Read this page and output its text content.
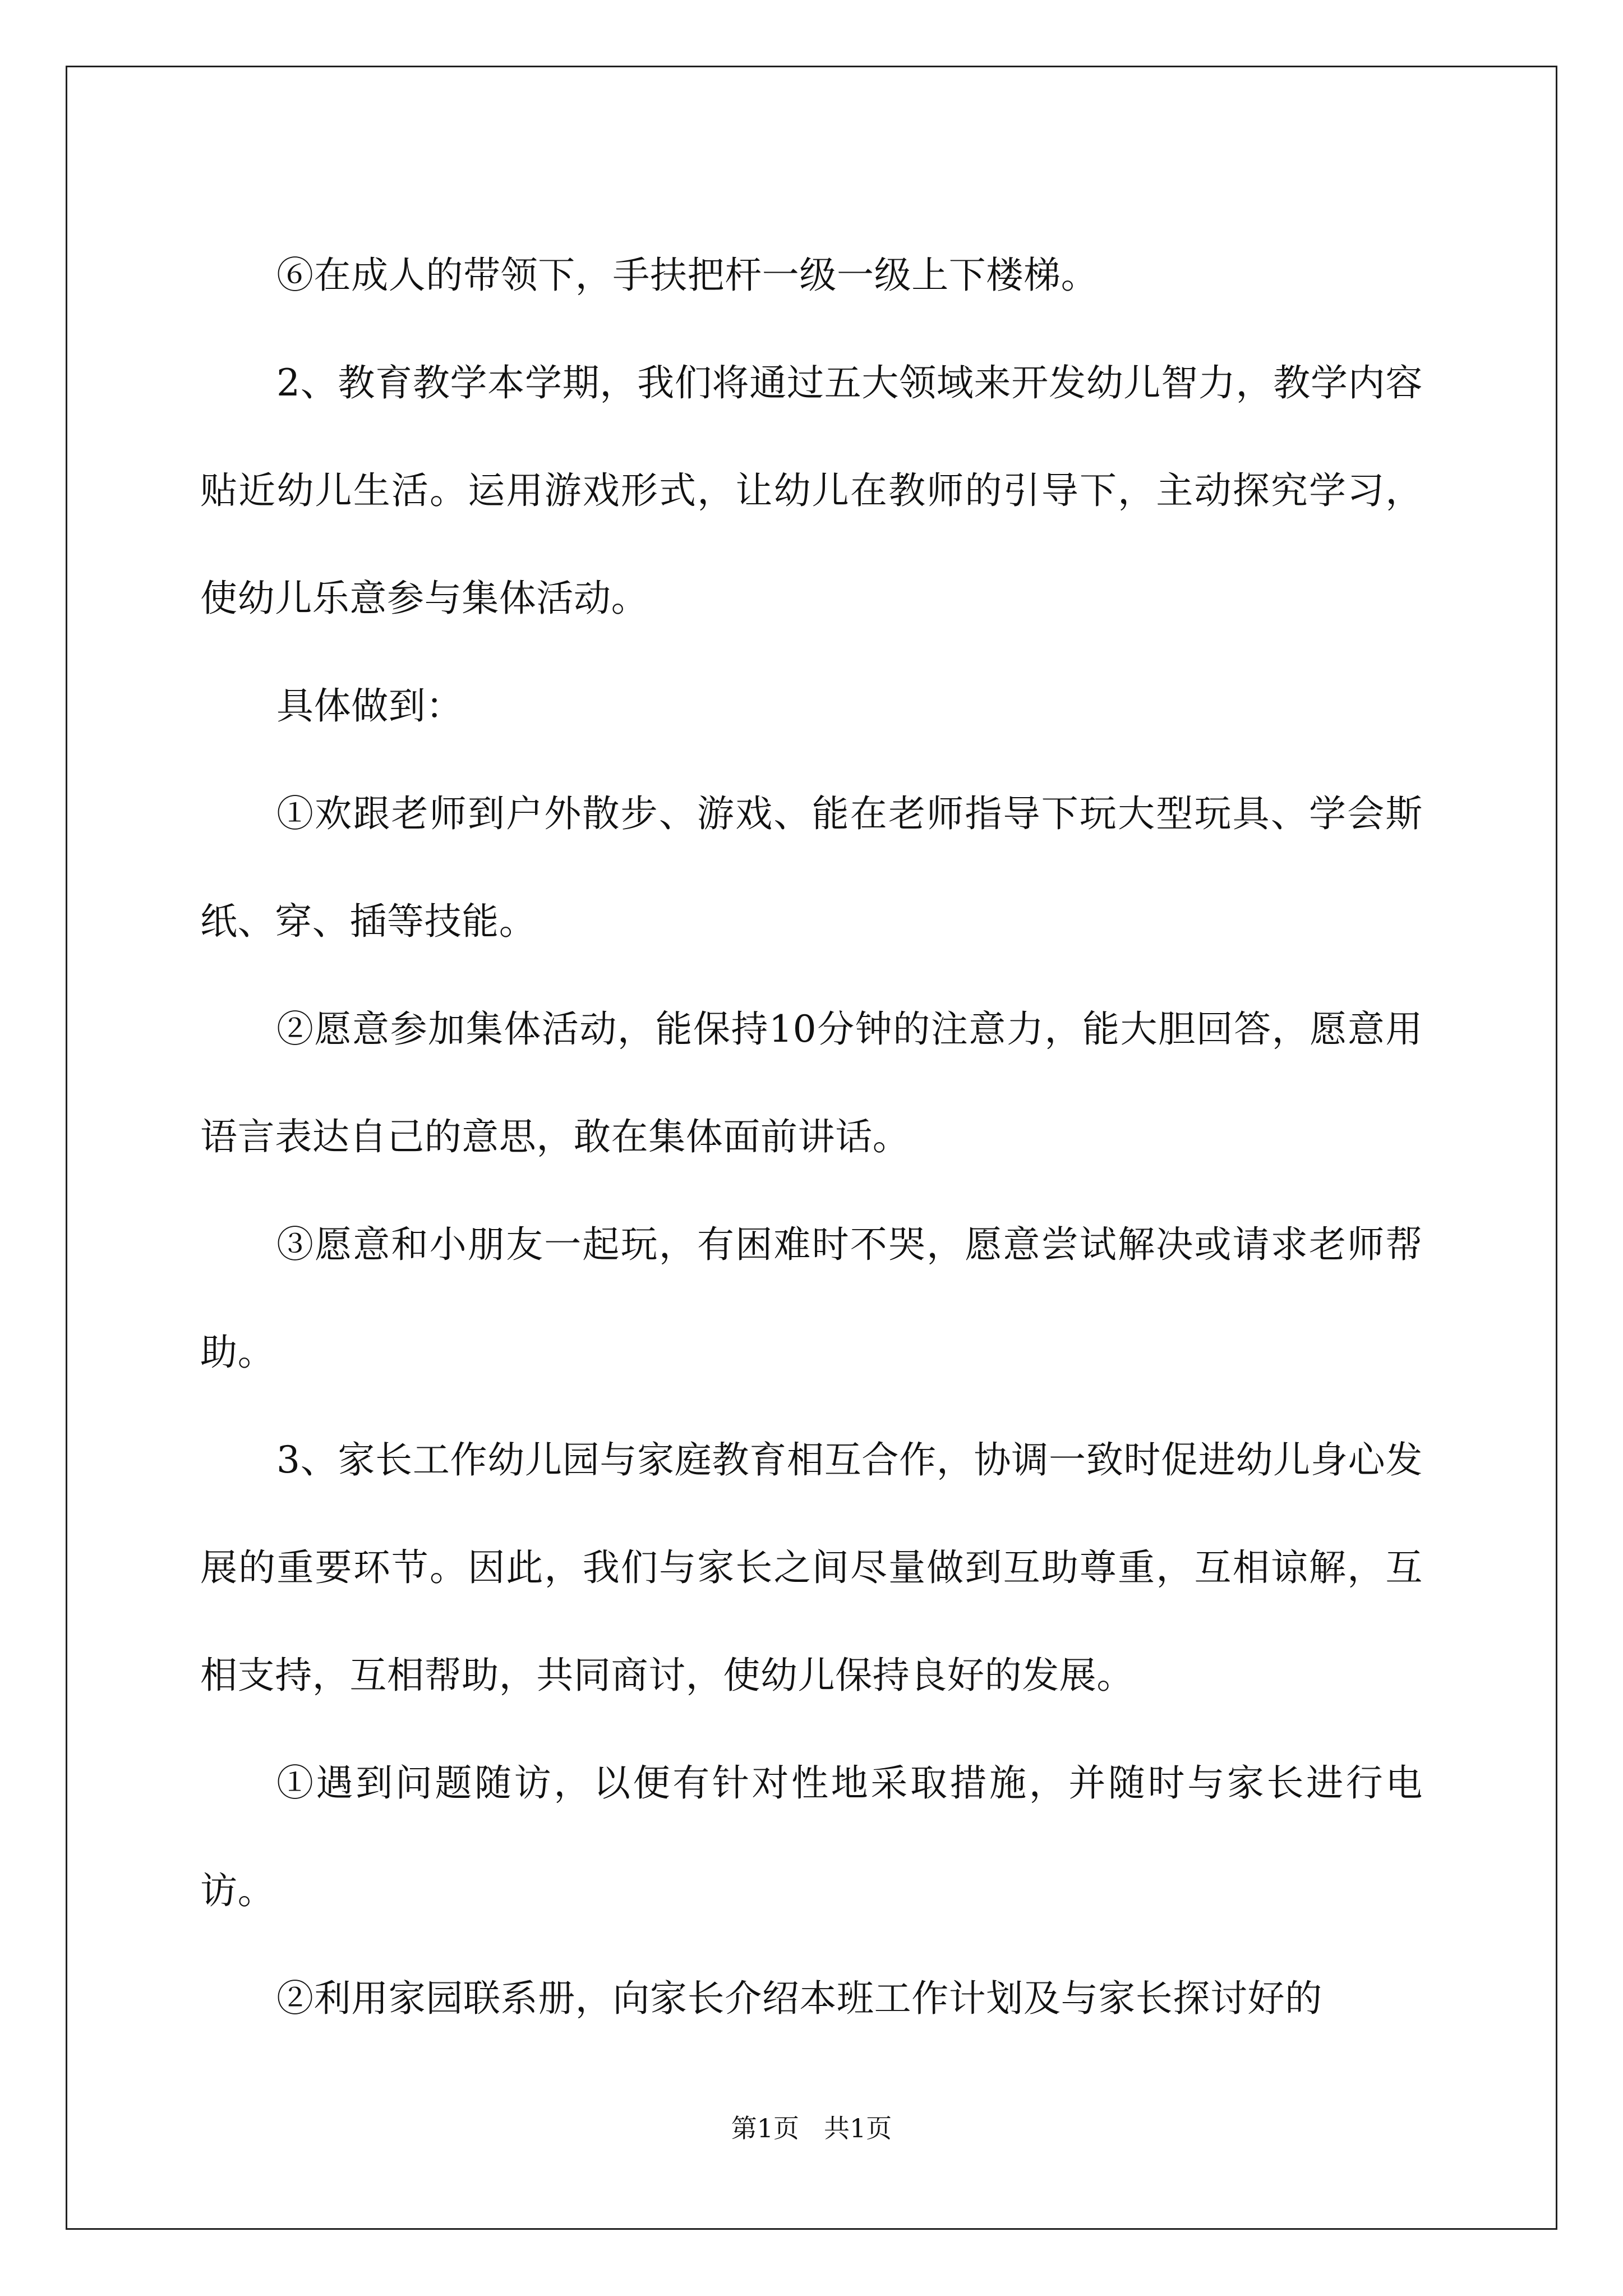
⑥在成人的带领下，手扶把杆一级一级上下楼梯。

2、教育教学本学期，我们将通过五大领域来开发幼儿智力，教学内容贴近幼儿生活。运用游戏形式，让幼儿在教师的引导下，主动探究学习，使幼儿乐意参与集体活动。

具体做到：

①欢跟老师到户外散步、游戏、能在老师指导下玩大型玩具、学会斯纸、穿、插等技能。

②愿意参加集体活动，能保持10分钟的注意力，能大胆回答，愿意用语言表达自己的意思，敢在集体面前讲话。

③愿意和小朋友一起玩，有困难时不哭，愿意尝试解决或请求老师帮助。

3、家长工作幼儿园与家庭教育相互合作，协调一致时促进幼儿身心发展的重要环节。因此，我们与家长之间尽量做到互助尊重，互相谅解，互相支持，互相帮助，共同商讨，使幼儿保持良好的发展。

①遇到问题随访，以便有针对性地采取措施，并随时与家长进行电访。

②利用家园联系册，向家长介绍本班工作计划及与家长探讨好的

第1页 共1页
